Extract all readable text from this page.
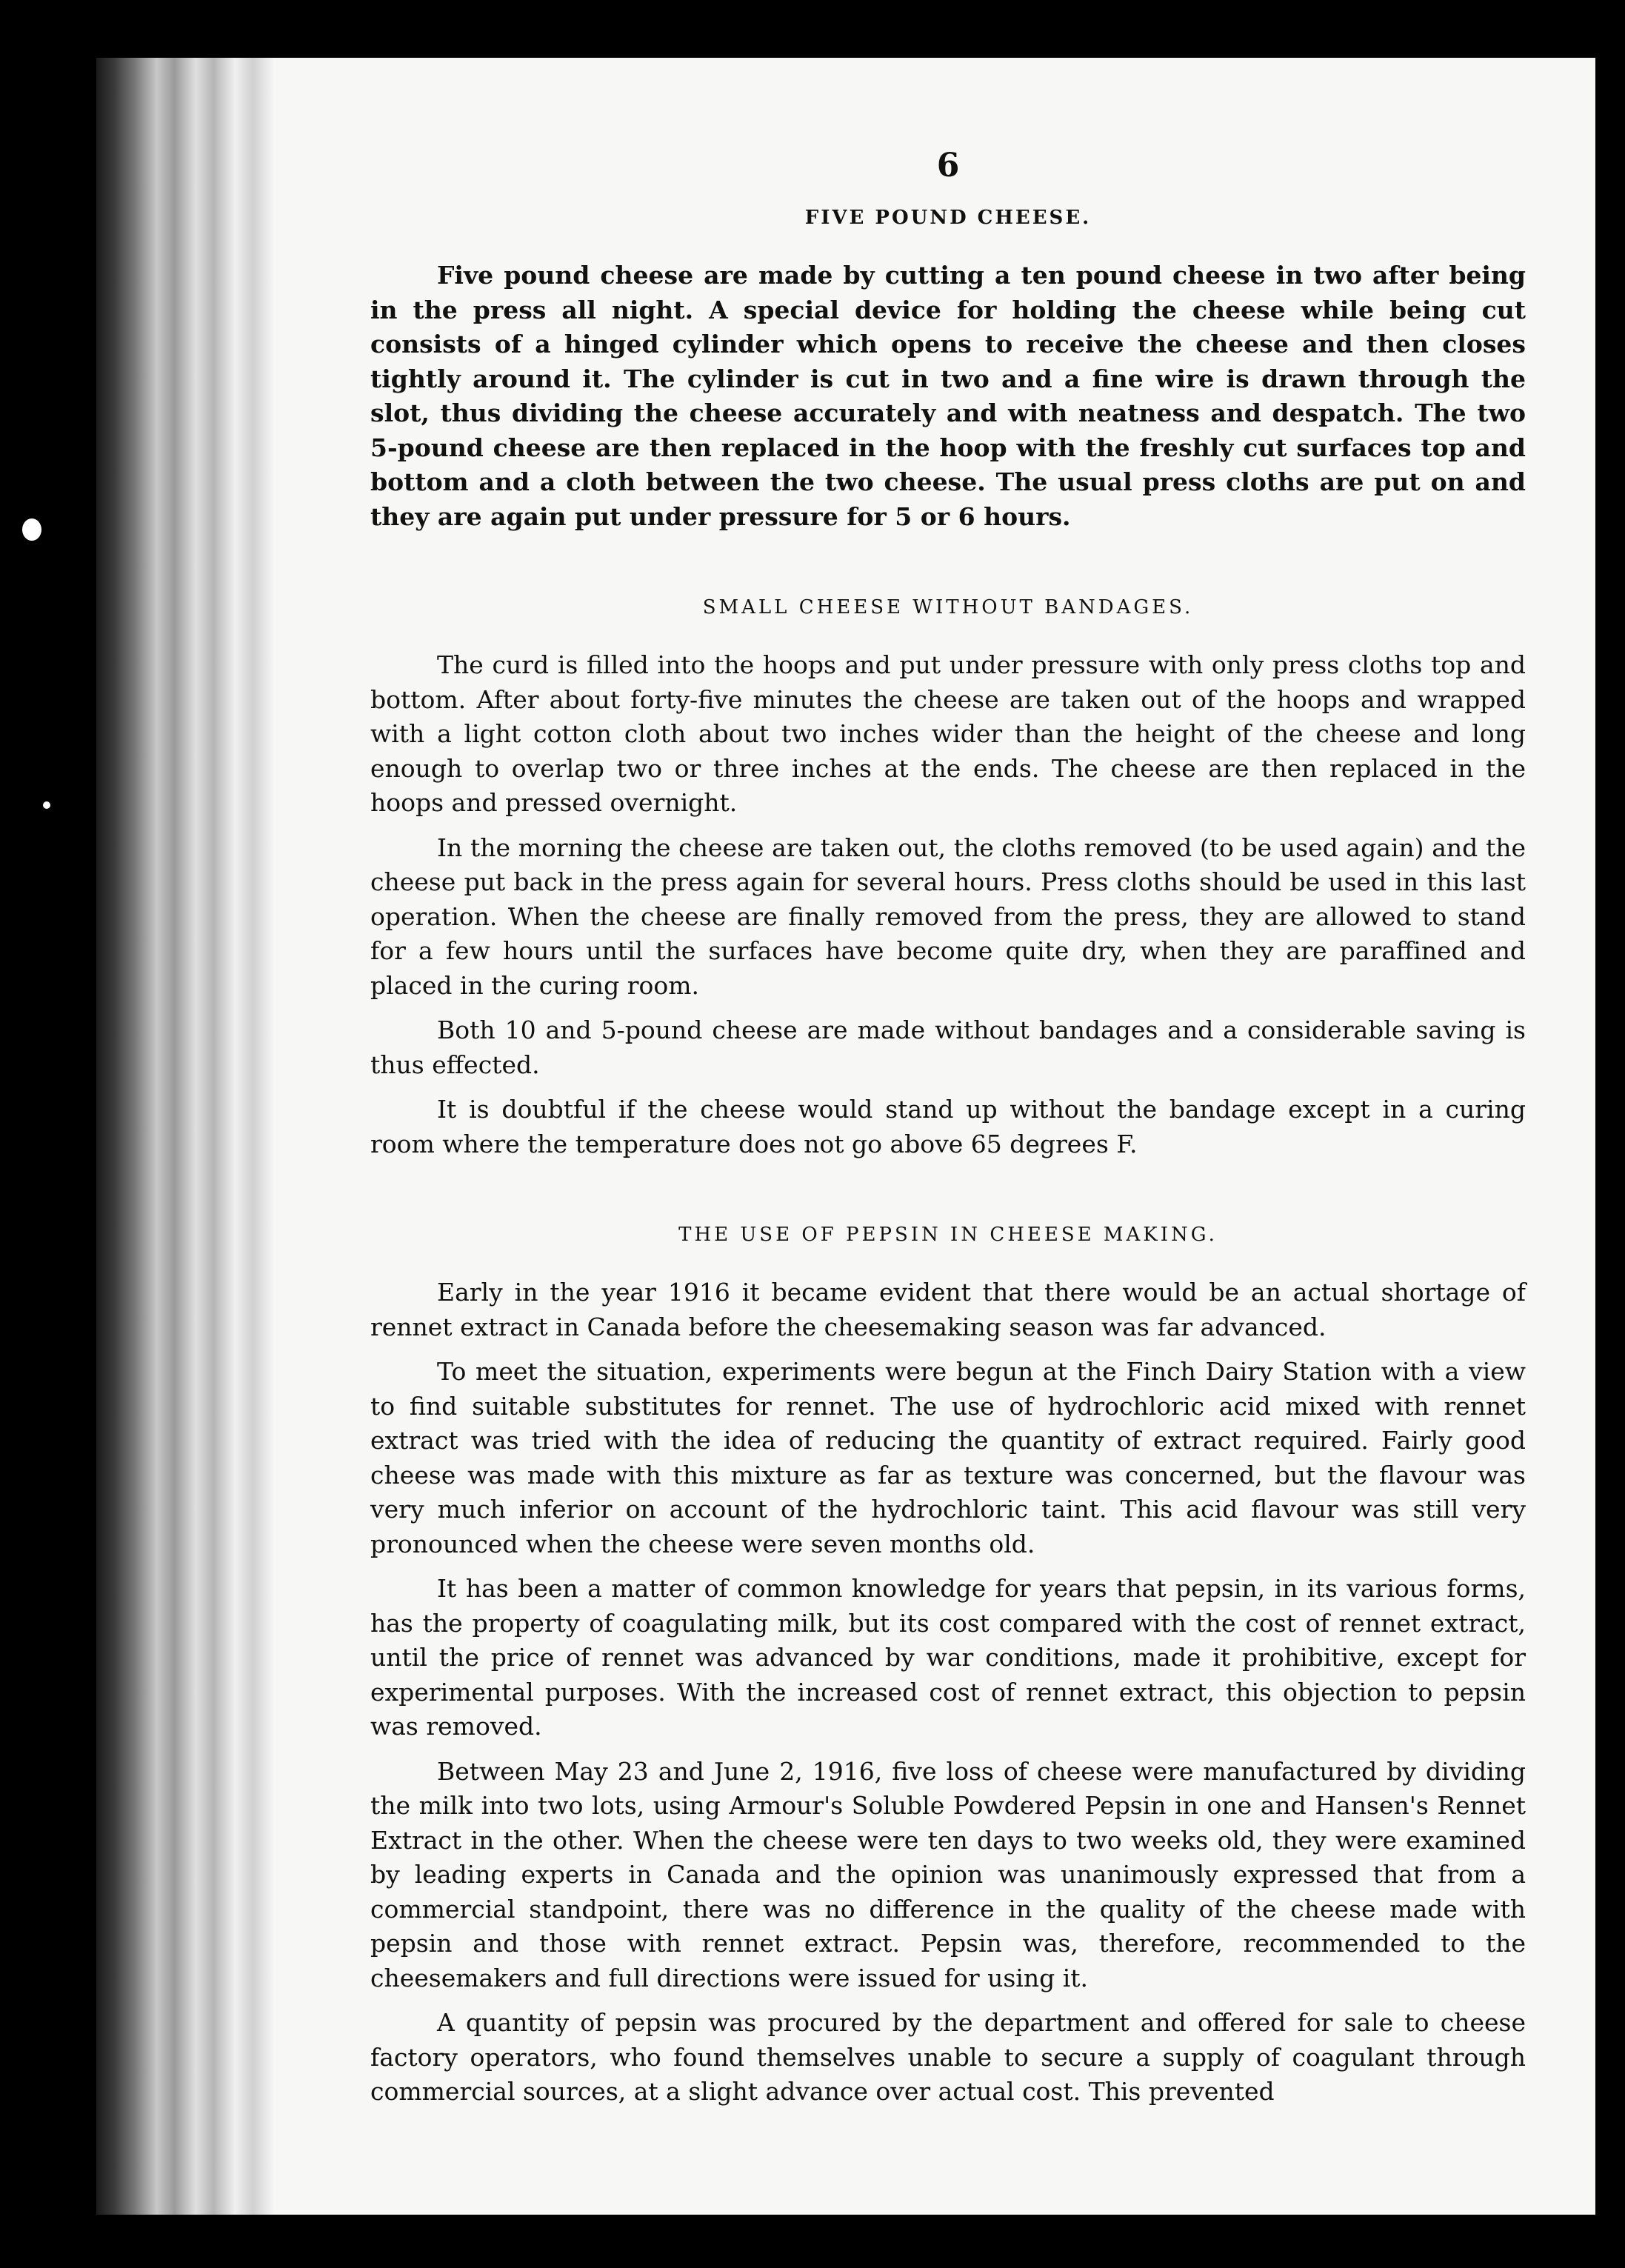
6
FIVE POUND CHEESE.

Five pound cheese are made by cutting a ten pound cheese in two after being in the press all night. A special device for holding the cheese while being cut consists of a hinged cylinder which opens to receive the cheese and then closes tightly around it. The cylinder is cut in two and a fine wire is drawn through the slot, thus dividing the cheese accurately and with neatness and despatch. The two 5-pound cheese are then replaced in the hoop with the freshly cut surfaces top and bottom and a cloth between the two cheese. The usual press cloths are put on and they are again put under pressure for 5 or 6 hours.

SMALL CHEESE WITHOUT BANDAGES.

The curd is filled into the hoops and put under pressure with only press cloths top and bottom. After about forty-five minutes the cheese are taken out of the hoops and wrapped with a light cotton cloth about two inches wider than the height of the cheese and long enough to overlap two or three inches at the ends. The cheese are then replaced in the hoops and pressed overnight.

In the morning the cheese are taken out, the cloths removed (to be used again) and the cheese put back in the press again for several hours. Press cloths should be used in this last operation. When the cheese are finally removed from the press, they are allowed to stand for a few hours until the surfaces have become quite dry, when they are paraffined and placed in the curing room.

Both 10 and 5-pound cheese are made without bandages and a considerable saving is thus effected.

It is doubtful if the cheese would stand up without the bandage except in a curing room where the temperature does not go above 65 degrees F.

THE USE OF PEPSIN IN CHEESE MAKING.

Early in the year 1916 it became evident that there would be an actual shortage of rennet extract in Canada before the cheesemaking season was far advanced.

To meet the situation, experiments were begun at the Finch Dairy Station with a view to find suitable substitutes for rennet. The use of hydrochloric acid mixed with rennet extract was tried with the idea of reducing the quantity of extract required. Fairly good cheese was made with this mixture as far as texture was concerned, but the flavour was very much inferior on account of the hydrochloric taint. This acid flavour was still very pronounced when the cheese were seven months old.

It has been a matter of common knowledge for years that pepsin, in its various forms, has the property of coagulating milk, but its cost compared with the cost of rennet extract, until the price of rennet was advanced by war conditions, made it prohibitive, except for experimental purposes. With the increased cost of rennet extract, this objection to pepsin was removed.

Between May 23 and June 2, 1916, five loss of cheese were manufactured by dividing the milk into two lots, using Armour's Soluble Powdered Pepsin in one and Hansen's Rennet Extract in the other. When the cheese were ten days to two weeks old, they were examined by leading experts in Canada and the opinion was unanimously expressed that from a commercial standpoint, there was no difference in the quality of the cheese made with pepsin and those with rennet extract. Pepsin was, therefore, recommended to the cheesemakers and full directions were issued for using it.

A quantity of pepsin was procured by the department and offered for sale to cheese factory operators, who found themselves unable to secure a supply of coagulant through commercial sources, at a slight advance over actual cost. This prevented
